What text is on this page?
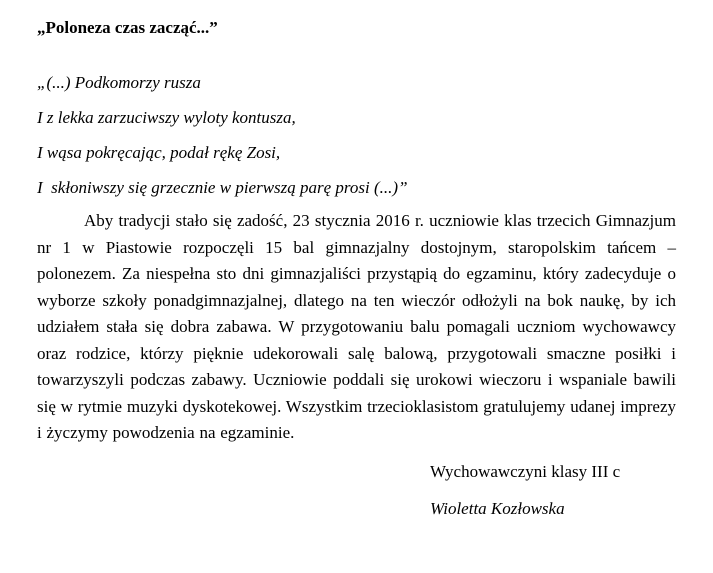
„Poloneza czas zacząć...”

„(...) Podkomorzy rusza

I z lekka zarzuciwszy wyloty kontusza,

I wąsa pokręcając, podał rękę Zosi,

I  skłoniwszy się grzecznie w pierwszą parę prosi (...)”

Aby tradycji stało się zadość, 23 stycznia 2016 r. uczniowie klas trzecich Gimnazjum nr 1 w Piastowie rozpoczęli 15 bal gimnazjalny dostojnym, staropolskim tańcem – polonezem. Za niespełna sto dni gimnazjaliści przystąpią do egzaminu, który zadecyduje o wyborze szkoły ponadgimnazjalnej, dlatego na ten wieczór odłożyli na bok naukę, by ich udziałem stała się dobra zabawa. W przygotowaniu balu pomagali uczniom wychowawcy oraz rodzice, którzy pięknie udekorowali salę balową, przygotowali smaczne posiłki i towarzyszyli podczas zabawy. Uczniowie poddali się urokowi wieczoru i wspaniale bawili się w rytmie muzyki dyskotekowej. Wszystkim trzecioklasistom gratulujemy udanej imprezy i życzymy powodzenia na egzaminie.

Wychowawczyni klasy III c

Wioletta Kozłowska
